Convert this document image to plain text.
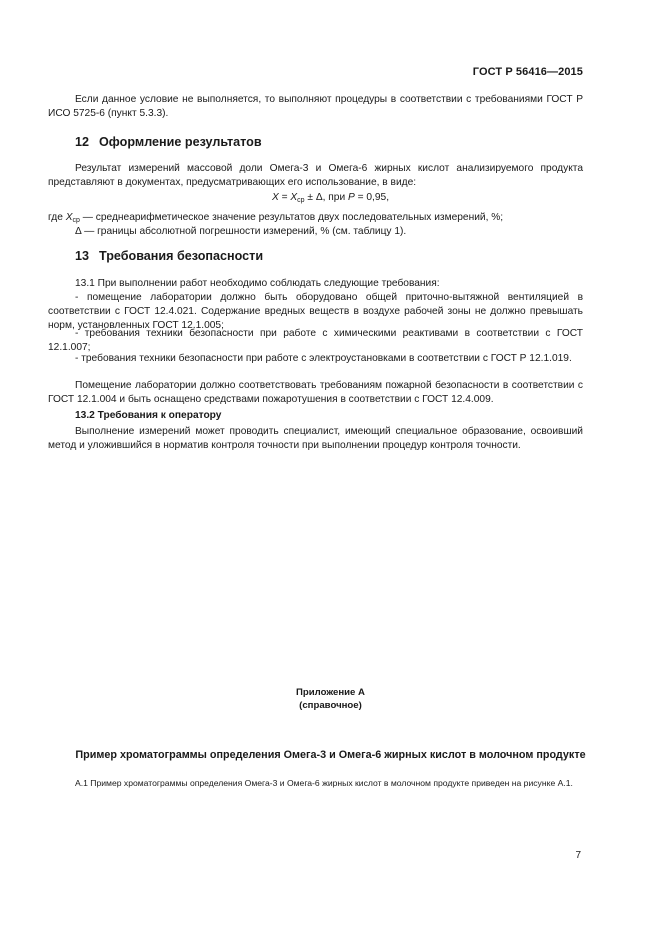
ГОСТ Р 56416—2015

Если данное условие не выполняется, то выполняют процедуры в соответствии с требованиями ГОСТ Р ИСО 5725-6 (пункт 5.3.3).

12 Оформление результатов

Результат измерений массовой доли Омега-3 и Омега-6 жирных кислот анализируемого продукта представляют в документах, предусматривающих его использование, в виде:

$X = X_{ср} \pm \Delta$, при P = 0,95,

где $X_{ср}$ — среднеарифметическое значение результатов двух последовательных измерений, %;

Δ — границы абсолютной погрешности измерений, % (см. таблицу 1).

13 Требования безопасности

13.1 При выполнении работ необходимо соблюдать следующие требования:

- помещение лаборатории должно быть оборудовано общей приточно-вытяжной вентиляцией в соответствии с ГОСТ 12.4.021. Содержание вредных веществ в воздухе рабочей зоны не должно превышать норм, установленных ГОСТ 12.1.005;

- требования техники безопасности при работе с химическими реактивами в соответствии с ГОСТ 12.1.007;

- требования техники безопасности при работе с электроустановками в соответствии с ГОСТ Р 12.1.019.

Помещение лаборатории должно соответствовать требованиям пожарной безопасности в соответствии с ГОСТ 12.1.004 и быть оснащено средствами пожаротушения в соответствии с ГОСТ 12.4.009.

13.2 Требования к оператору

Выполнение измерений может проводить специалист, имеющий специальное образование, освоивший метод и уложившийся в норматив контроля точности при выполнении процедур контроля точности.

Приложение А
(справочное)
Пример хроматограммы определения Омега-3 и Омега-6 жирных кислот в молочном продукте

А.1 Пример хроматограммы определения Омега-3 и Омега-6 жирных кислот в молочном продукте приведен на рисунке А.1.

7
